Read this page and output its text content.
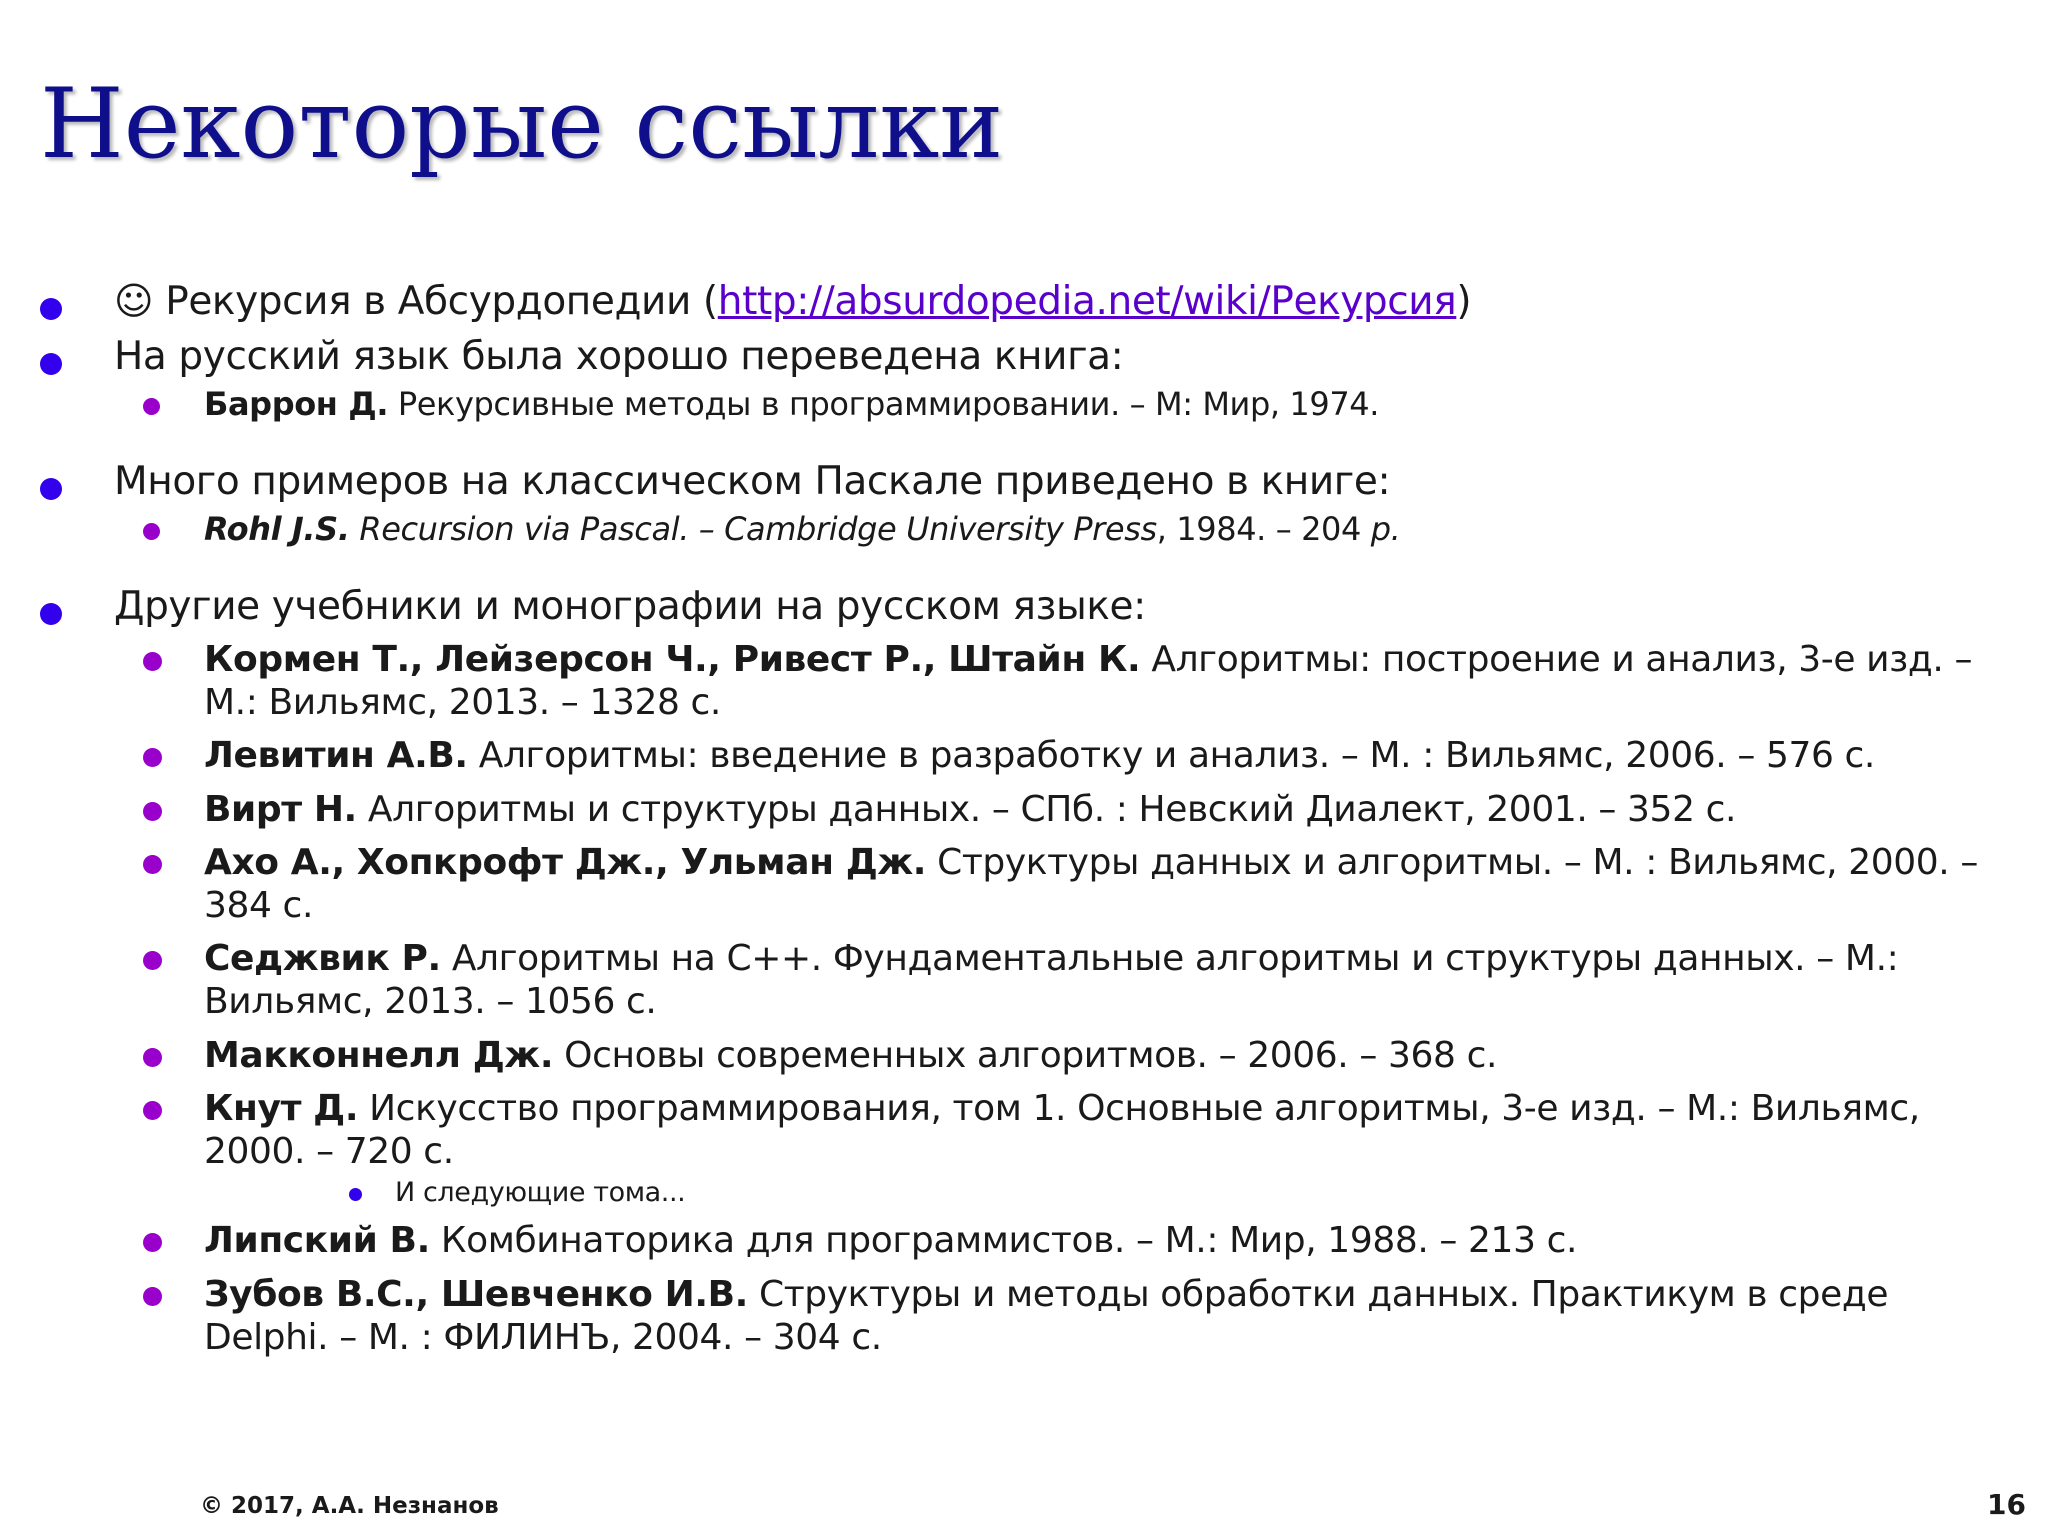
Некоторые ссылки
☺ Рекурсия в Абсурдопедии (http://absurdopedia.net/wiki/Рекурсия)
На русский язык была хорошо переведена книга:
Баррон Д. Рекурсивные методы в программировании. – М: Мир, 1974.
Много примеров на классическом Паскале приведено в книге:
Rohl J.S. Recursion via Pascal. – Cambridge University Press, 1984. – 204 p.
Другие учебники и монографии на русском языке:
Кормен Т., Лейзерсон Ч., Ривест Р., Штайн К. Алгоритмы: построение и анализ, 3-е изд. – М.: Вильямс, 2013. – 1328 с.
Левитин А.В. Алгоритмы: введение в разработку и анализ. – М. : Вильямс, 2006. – 576 с.
Вирт Н. Алгоритмы и структуры данных. – СПб. : Невский Диалект, 2001. – 352 с.
Ахо А., Хопкрофт Дж., Ульман Дж. Структуры данных и алгоритмы. – М. : Вильямс, 2000. – 384 с.
Седжвик Р. Алгоритмы на С++. Фундаментальные алгоритмы и структуры данных. – М.: Вильямс, 2013. – 1056 с.
Макконнелл Дж. Основы современных алгоритмов. – 2006. – 368 с.
Кнут Д. Искусство программирования, том 1. Основные алгоритмы, 3-е изд. – М.: Вильямс, 2000. – 720 с.
И следующие тома...
Липский В. Комбинаторика для программистов. – М.: Мир, 1988. – 213 с.
Зубов В.С., Шевченко И.В. Структуры и методы обработки данных. Практикум в среде Delphi. – М. : ФИЛИНЪ, 2004. – 304 с.
© 2017, А.А. Незнанов	16
